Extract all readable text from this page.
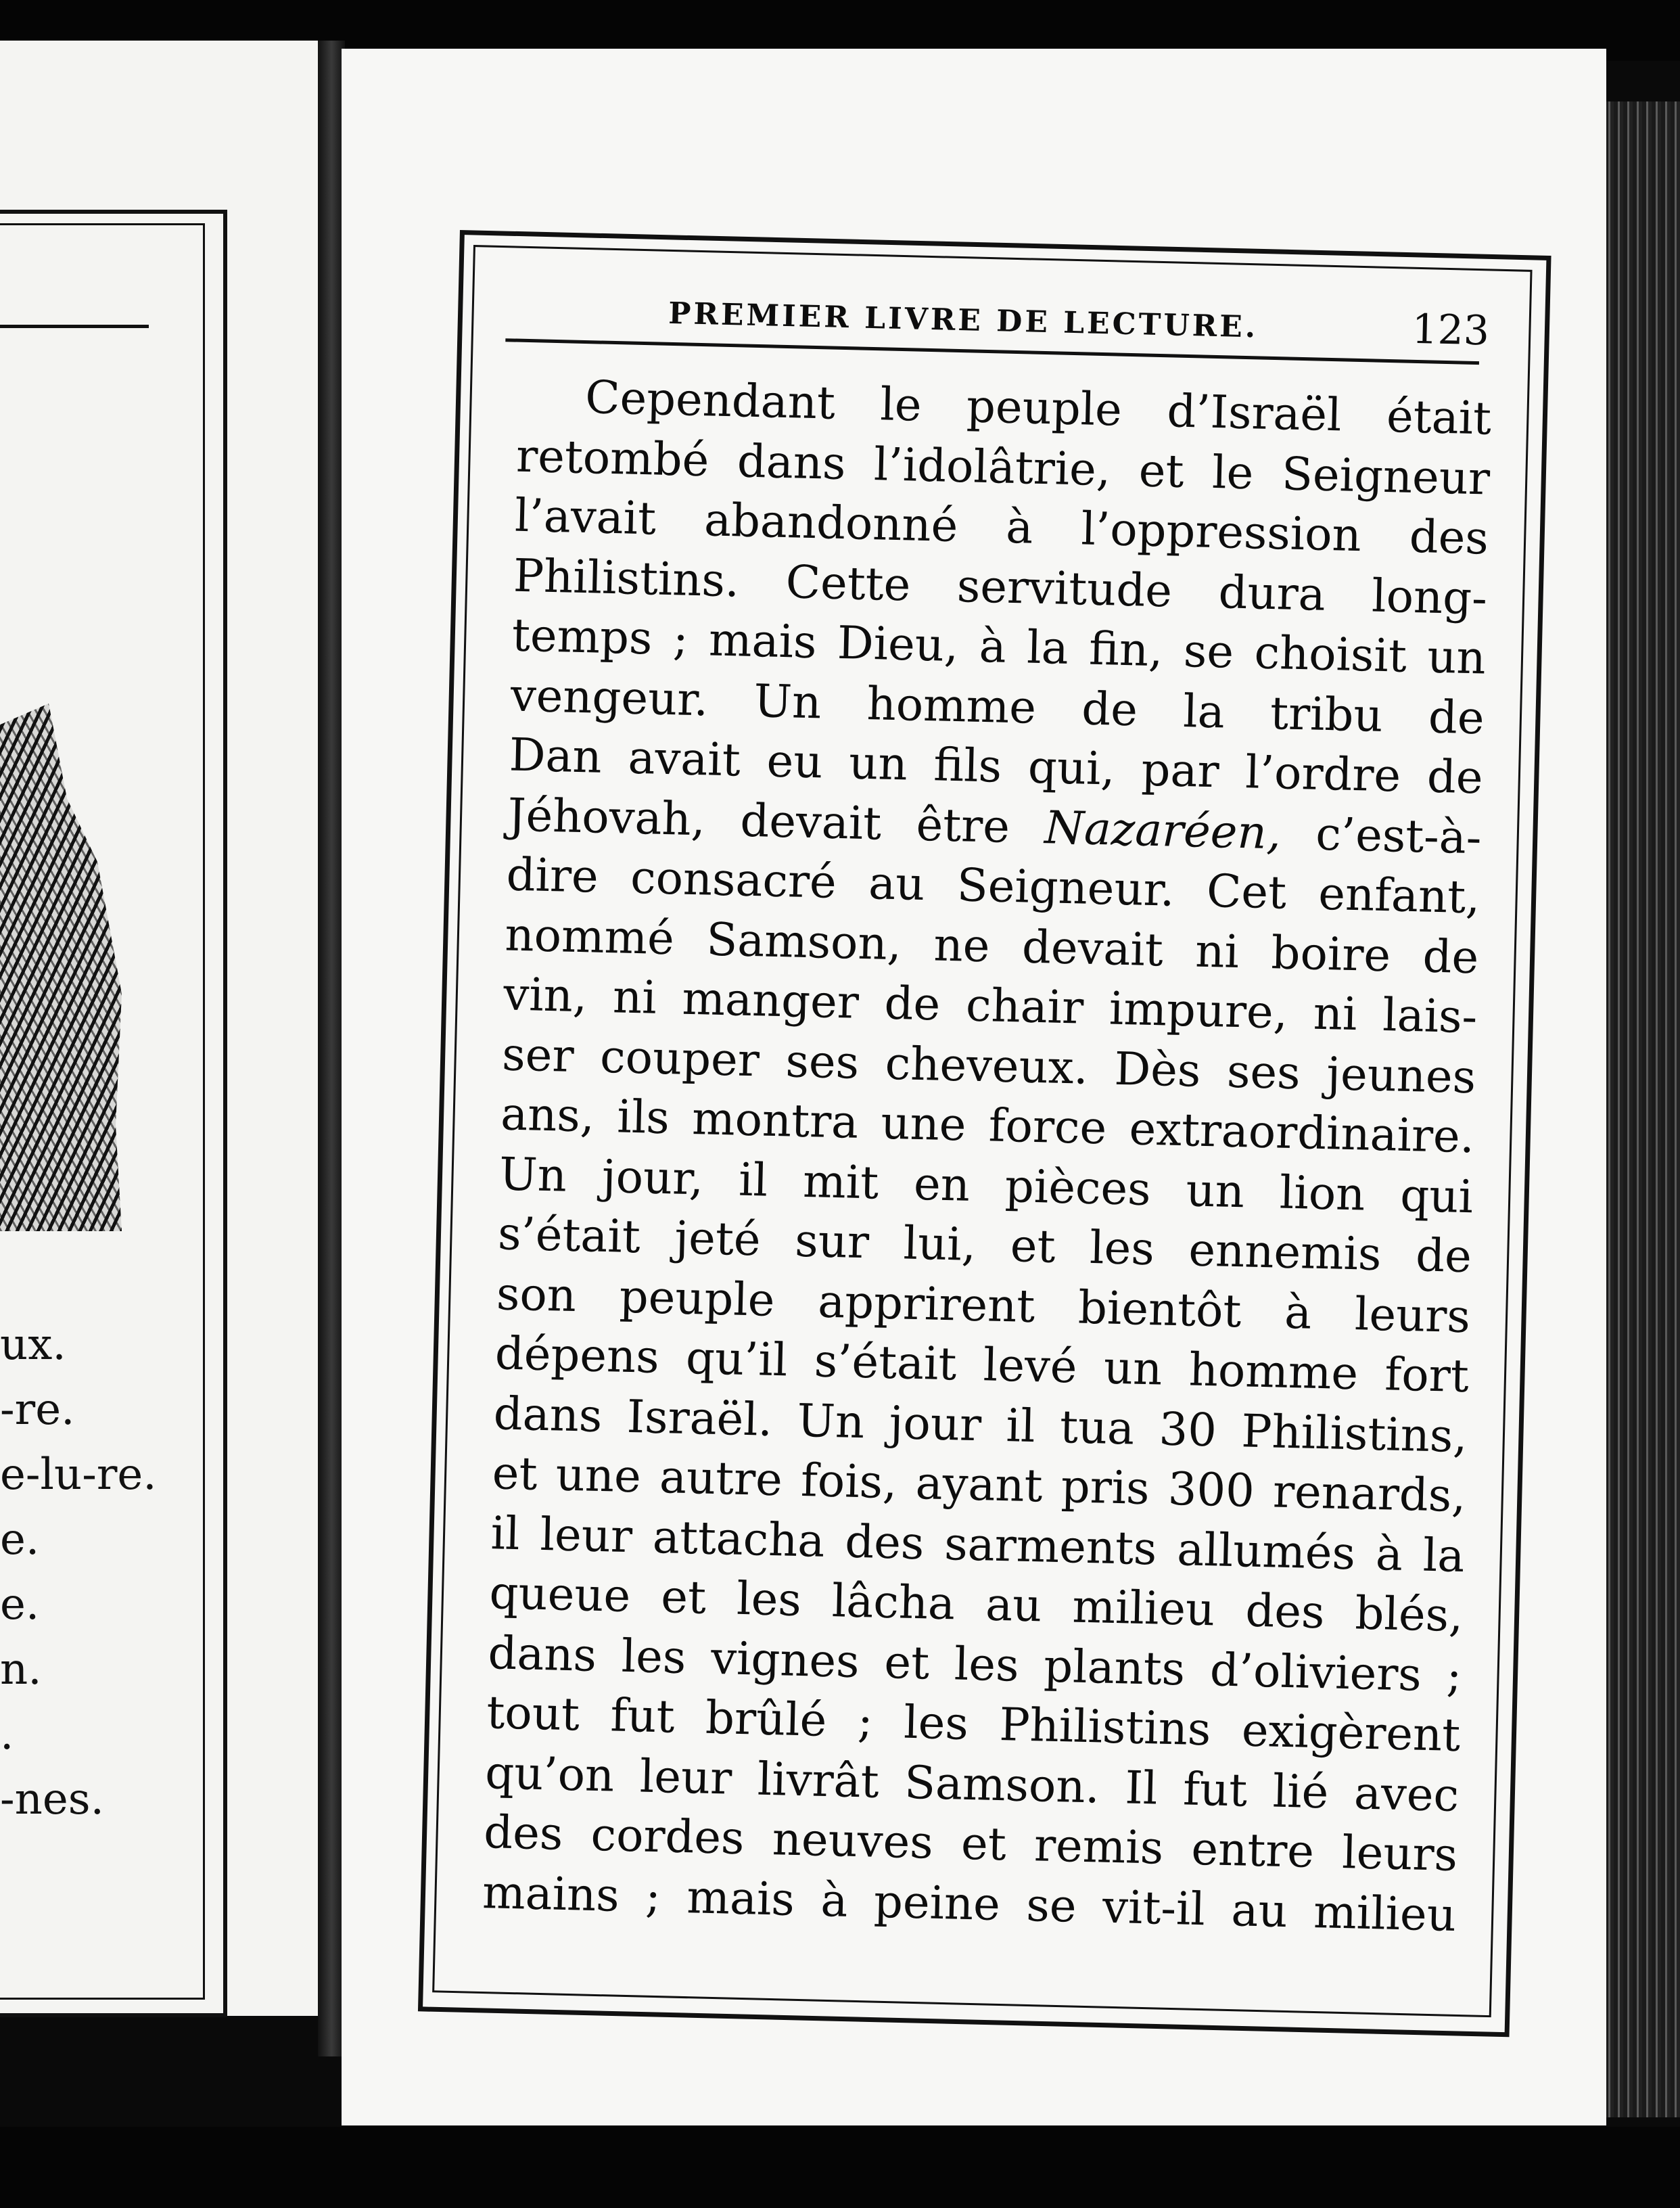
ux.
-re.
e-lu-re.
e.
e.
n.
.
-nes.
PREMIER LIVRE DE LECTURE.	123
Cependant le peuple d’Israël était
retombé dans l’idolâtrie, et le Seigneur
l’avait abandonné à l’oppression des
Philistins. Cette servitude dura long-
temps ; mais Dieu, à la fin, se choisit un
vengeur. Un homme de la tribu de
Dan avait eu un fils qui, par l’ordre de
Jéhovah, devait être Nazaréen, c’est-à-
dire consacré au Seigneur. Cet enfant,
nommé Samson, ne devait ni boire de
vin, ni manger de chair impure, ni lais-
ser couper ses cheveux. Dès ses jeunes
ans, ils montra une force extraordinaire.
Un jour, il mit en pièces un lion qui
s’était jeté sur lui, et les ennemis de
son peuple apprirent bientôt à leurs
dépens qu’il s’était levé un homme fort
dans Israël. Un jour il tua 30 Philistins,
et une autre fois, ayant pris 300 renards,
il leur attacha des sarments allumés à la
queue et les lâcha au milieu des blés,
dans les vignes et les plants d’oliviers ;
tout fut brûlé ; les Philistins exigèrent
qu’on leur livrât Samson. Il fut lié avec
des cordes neuves et remis entre leurs
mains ; mais à peine se vit-il au milieu
